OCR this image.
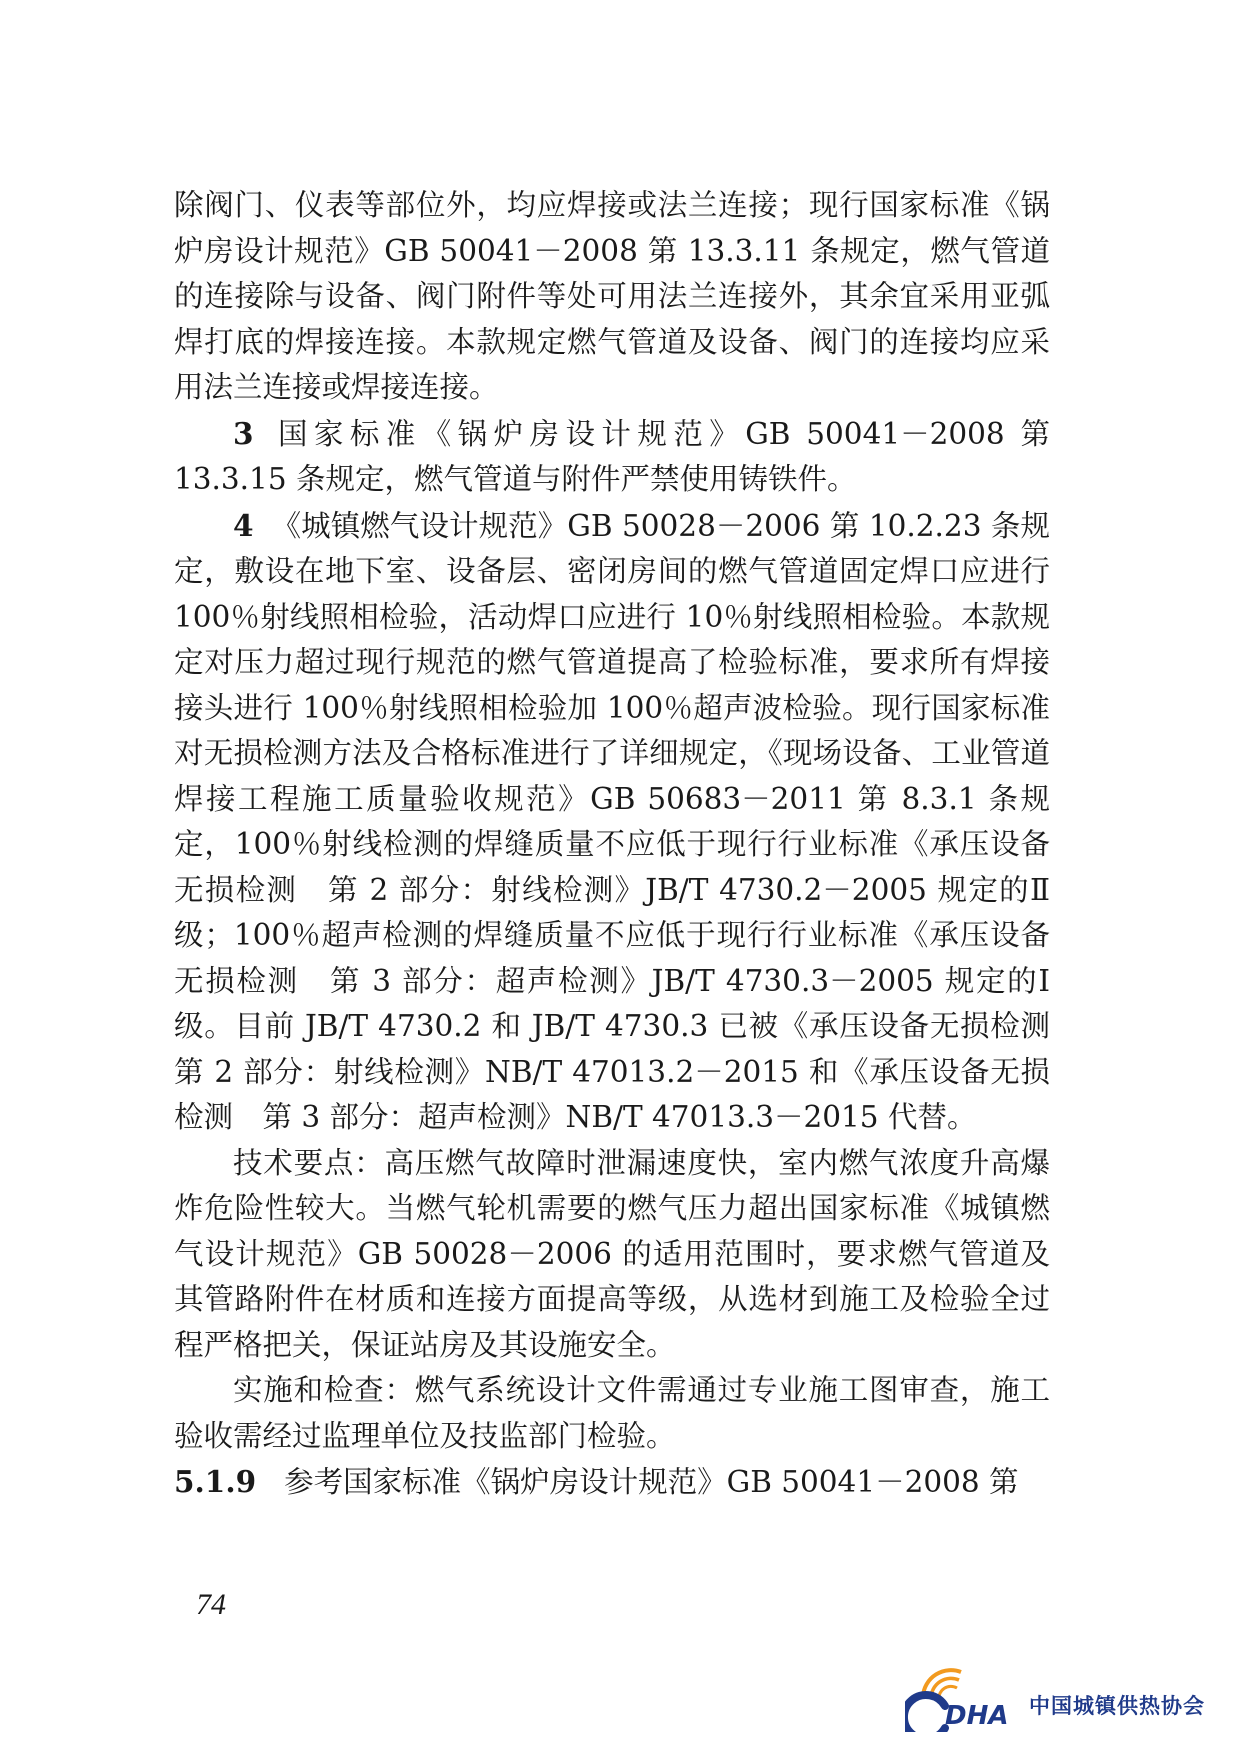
除阀门、仪表等部位外，均应焊接或法兰连接；现行国家标准《锅炉房设计规范》GB 50041－2008 第 13.3.11 条规定，燃气管道的连接除与设备、阀门附件等处可用法兰连接外，其余宜采用亚弧焊打底的焊接连接。本款规定燃气管道及设备、阀门的连接均应采用法兰连接或焊接连接。

3 国家标准《锅炉房设计规范》GB 50041－2008 第 13.3.15 条规定，燃气管道与附件严禁使用铸铁件。

4 《城镇燃气设计规范》GB 50028－2006 第 10.2.23 条规定，敷设在地下室、设备层、密闭房间的燃气管道固定焊口应进行 100％射线照相检验，活动焊口应进行 10％射线照相检验。本款规定对压力超过现行规范的燃气管道提高了检验标准，要求所有焊接接头进行 100％射线照相检验加 100％超声波检验。现行国家标准对无损检测方法及合格标准进行了详细规定，《现场设备、工业管道焊接工程施工质量验收规范》GB 50683－2011 第 8.3.1 条规定，100％射线检测的焊缝质量不应低于现行行业标准《承压设备无损检测　第 2 部分：射线检测》JB/T 4730.2－2005 规定的Ⅱ级；100％超声检测的焊缝质量不应低于现行行业标准《承压设备无损检测　第 3 部分：超声检测》JB/T 4730.3－2005 规定的Ⅰ级。目前 JB/T 4730.2 和 JB/T 4730.3 已被《承压设备无损检测　第 2 部分：射线检测》NB/T 47013.2－2015 和《承压设备无损检测　第 3 部分：超声检测》NB/T 47013.3－2015 代替。

技术要点：高压燃气故障时泄漏速度快，室内燃气浓度升高爆炸危险性较大。当燃气轮机需要的燃气压力超出国家标准《城镇燃气设计规范》GB 50028－2006 的适用范围时，要求燃气管道及其管路附件在材质和连接方面提高等级，从选材到施工及检验全过程严格把关，保证站房及其设施安全。

实施和检查：燃气系统设计文件需通过专业施工图审查，施工验收需经过监理单位及技监部门检验。

5.1.9 参考国家标准《锅炉房设计规范》GB 50041－2008 第

74
DHA 中国城镇供热协会
